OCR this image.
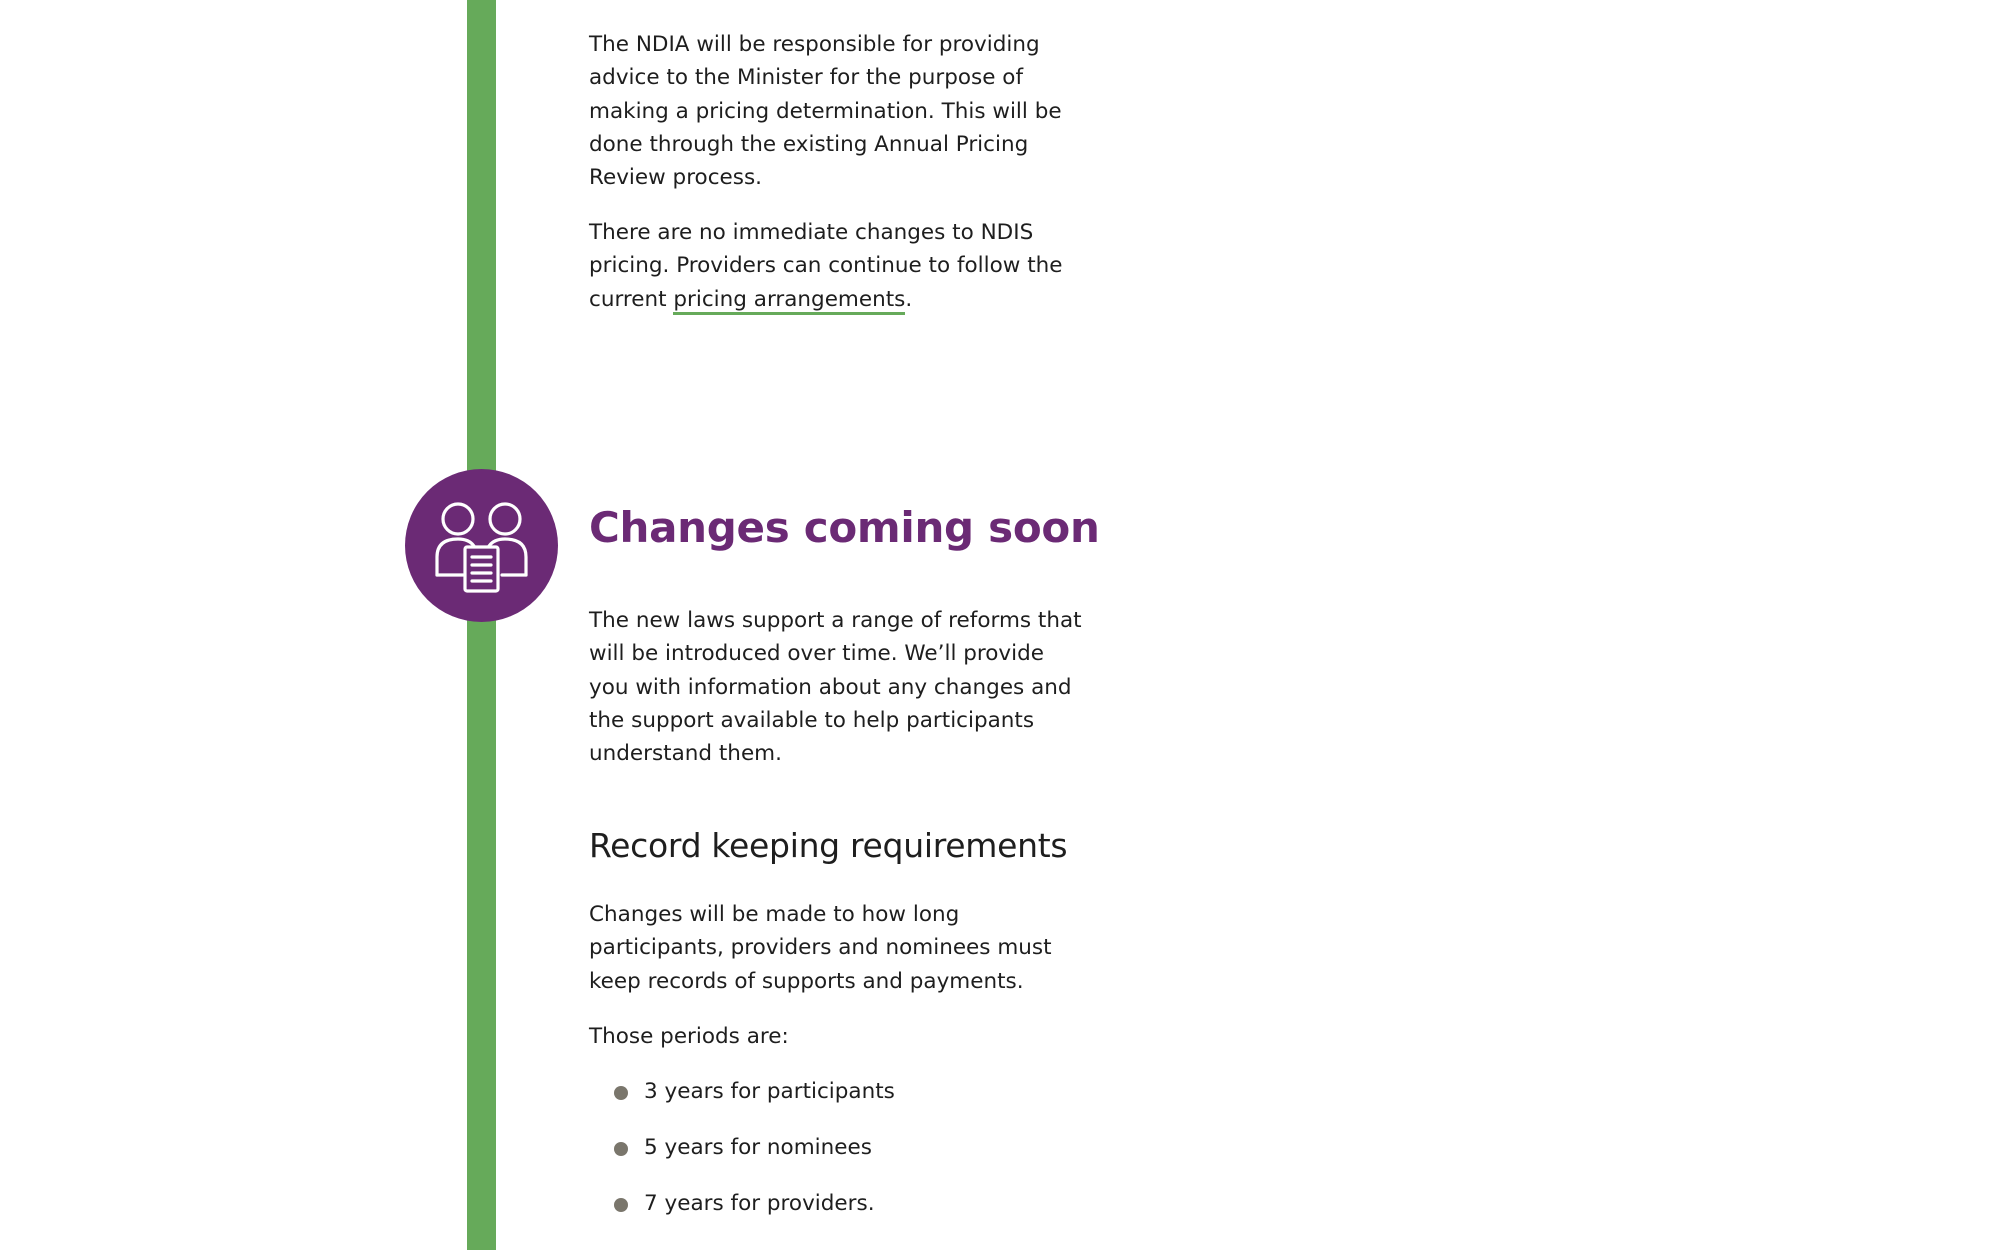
The NDIA will be responsible for providing advice to the Minister for the purpose of making a pricing determination. This will be done through the existing Annual Pricing Review process.

There are no immediate changes to NDIS pricing. Providers can continue to follow the current pricing arrangements.

Changes coming soon

The new laws support a range of reforms that will be introduced over time. We’ll provide you with information about any changes and the support available to help participants understand them.

Record keeping requirements

Changes will be made to how long participants, providers and nominees must keep records of supports and payments.

Those periods are:

3 years for participants
5 years for nominees
7 years for providers.
